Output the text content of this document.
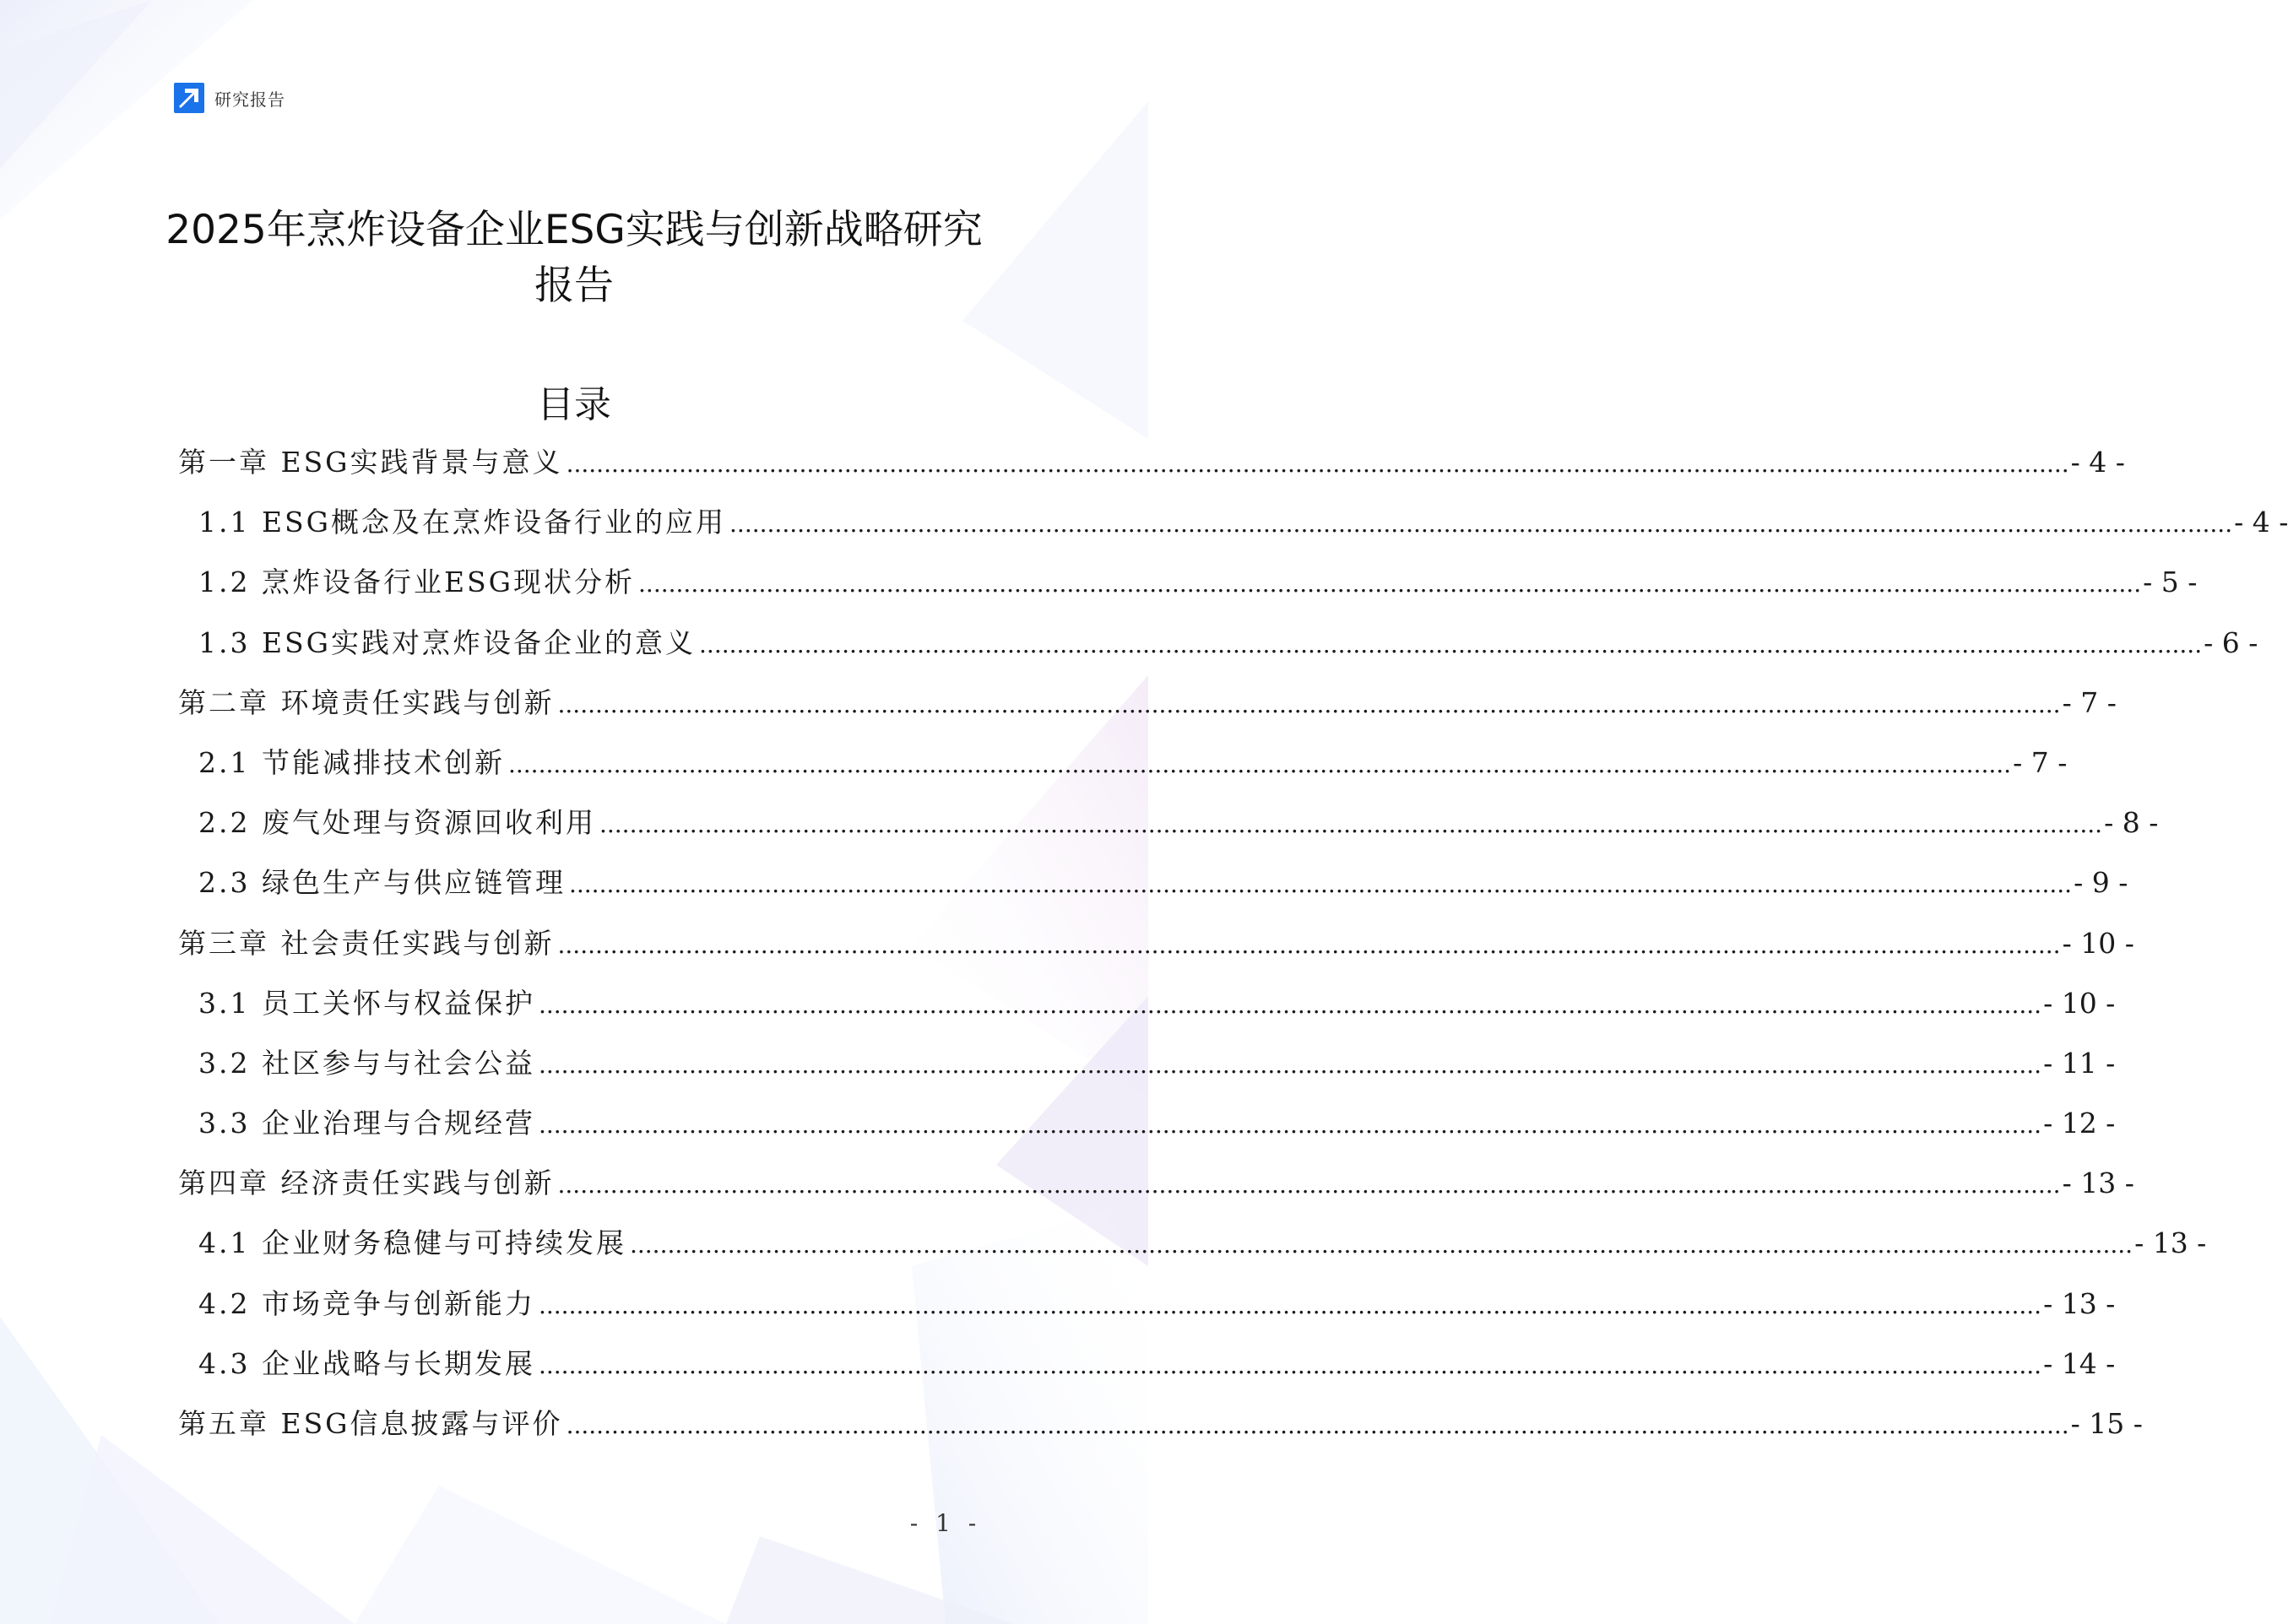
研究报告
2025年烹炸设备企业ESG实践与创新战略研究报告
目录
第一章 ESG实践背景与意义 ........................................................................................................................................................................................................ - 4 -
1.1 ESG概念及在烹炸设备行业的应用 ........................................................................................................................................................................................................ - 4 -
1.2 烹炸设备行业ESG现状分析 ........................................................................................................................................................................................................ - 5 -
1.3 ESG实践对烹炸设备企业的意义 ........................................................................................................................................................................................................ - 6 -
第二章 环境责任实践与创新 ........................................................................................................................................................................................................ - 7 -
2.1 节能减排技术创新 ........................................................................................................................................................................................................ - 7 -
2.2 废气处理与资源回收利用 ........................................................................................................................................................................................................ - 8 -
2.3 绿色生产与供应链管理 ........................................................................................................................................................................................................ - 9 -
第三章 社会责任实践与创新 ........................................................................................................................................................................................................ - 10 -
3.1 员工关怀与权益保护 ........................................................................................................................................................................................................ - 10 -
3.2 社区参与与社会公益 ........................................................................................................................................................................................................ - 11 -
3.3 企业治理与合规经营 ........................................................................................................................................................................................................ - 12 -
第四章 经济责任实践与创新 ........................................................................................................................................................................................................ - 13 -
4.1 企业财务稳健与可持续发展 ........................................................................................................................................................................................................ - 13 -
4.2 市场竞争与创新能力 ........................................................................................................................................................................................................ - 13 -
4.3 企业战略与长期发展 ........................................................................................................................................................................................................ - 14 -
第五章 ESG信息披露与评价 ........................................................................................................................................................................................................ - 15 -
- 1 -
